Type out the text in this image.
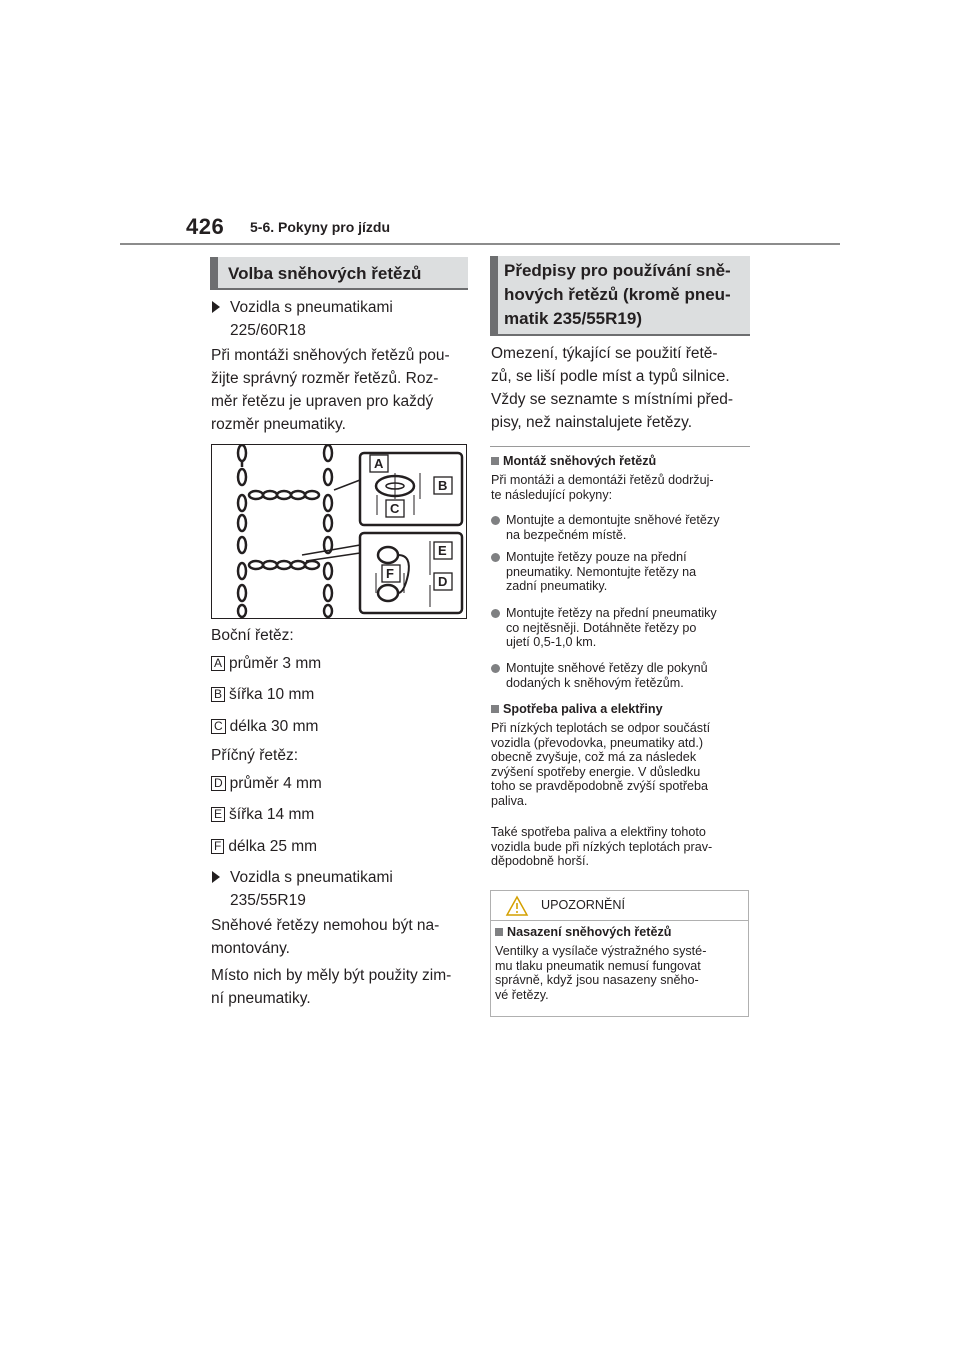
426 5-6. Pokyny pro jízdu
Volba sněhových řetězů
Vozidla s pneumatikami
225/60R18
Při montáži sněhových řetězů pou-
žijte správný rozměr řetězů. Roz-
měr řetězu je upraven pro každý
rozměr pneumatiky.
A
B
C
E
F
D
Boční řetěz:
A průměr 3 mm
B šířka 10 mm
C délka 30 mm
Příčný řetěz:
D průměr 4 mm
E šířka 14 mm
F délka 25 mm
Vozidla s pneumatikami
235/55R19
Sněhové řetězy nemohou být na-
montovány.
Místo nich by měly být použity zim-
ní pneumatiky.
Předpisy pro používání sně-
hových řetězů (kromě pneu-
matik 235/55R19)
Omezení, týkající se použití řetě-
zů, se liší podle míst a typů silnice.
Vždy se seznamte s místními před-
pisy, než nainstalujete řetězy.
Montáž sněhových řetězů
Při montáži a demontáži řetězů dodržuj-
te následující pokyny:
Montujte a demontujte sněhové řetězy
na bezpečném místě.
Montujte řetězy pouze na přední
pneumatiky. Nemontujte řetězy na
zadní pneumatiky.
Montujte řetězy na přední pneumatiky
co nejtěsněji. Dotáhněte řetězy po
ujetí 0,5-1,0 km.
Montujte sněhové řetězy dle pokynů
dodaných k sněhovým řetězům.
Spotřeba paliva a elektřiny
Při nízkých teplotách se odpor součástí
vozidla (převodovka, pneumatiky atd.)
obecně zvyšuje, což má za následek
zvýšení spotřeby energie. V důsledku
toho se pravděpodobně zvýší spotřeba
paliva.
Také spotřeba paliva a elektřiny tohoto
vozidla bude při nízkých teplotách prav-
děpodobně horší.
UPOZORNĚNÍ
Nasazení sněhových řetězů
Ventilky a vysílače výstražného systé-
mu tlaku pneumatik nemusí fungovat
správně, když jsou nasazeny sněho-
vé řetězy.
